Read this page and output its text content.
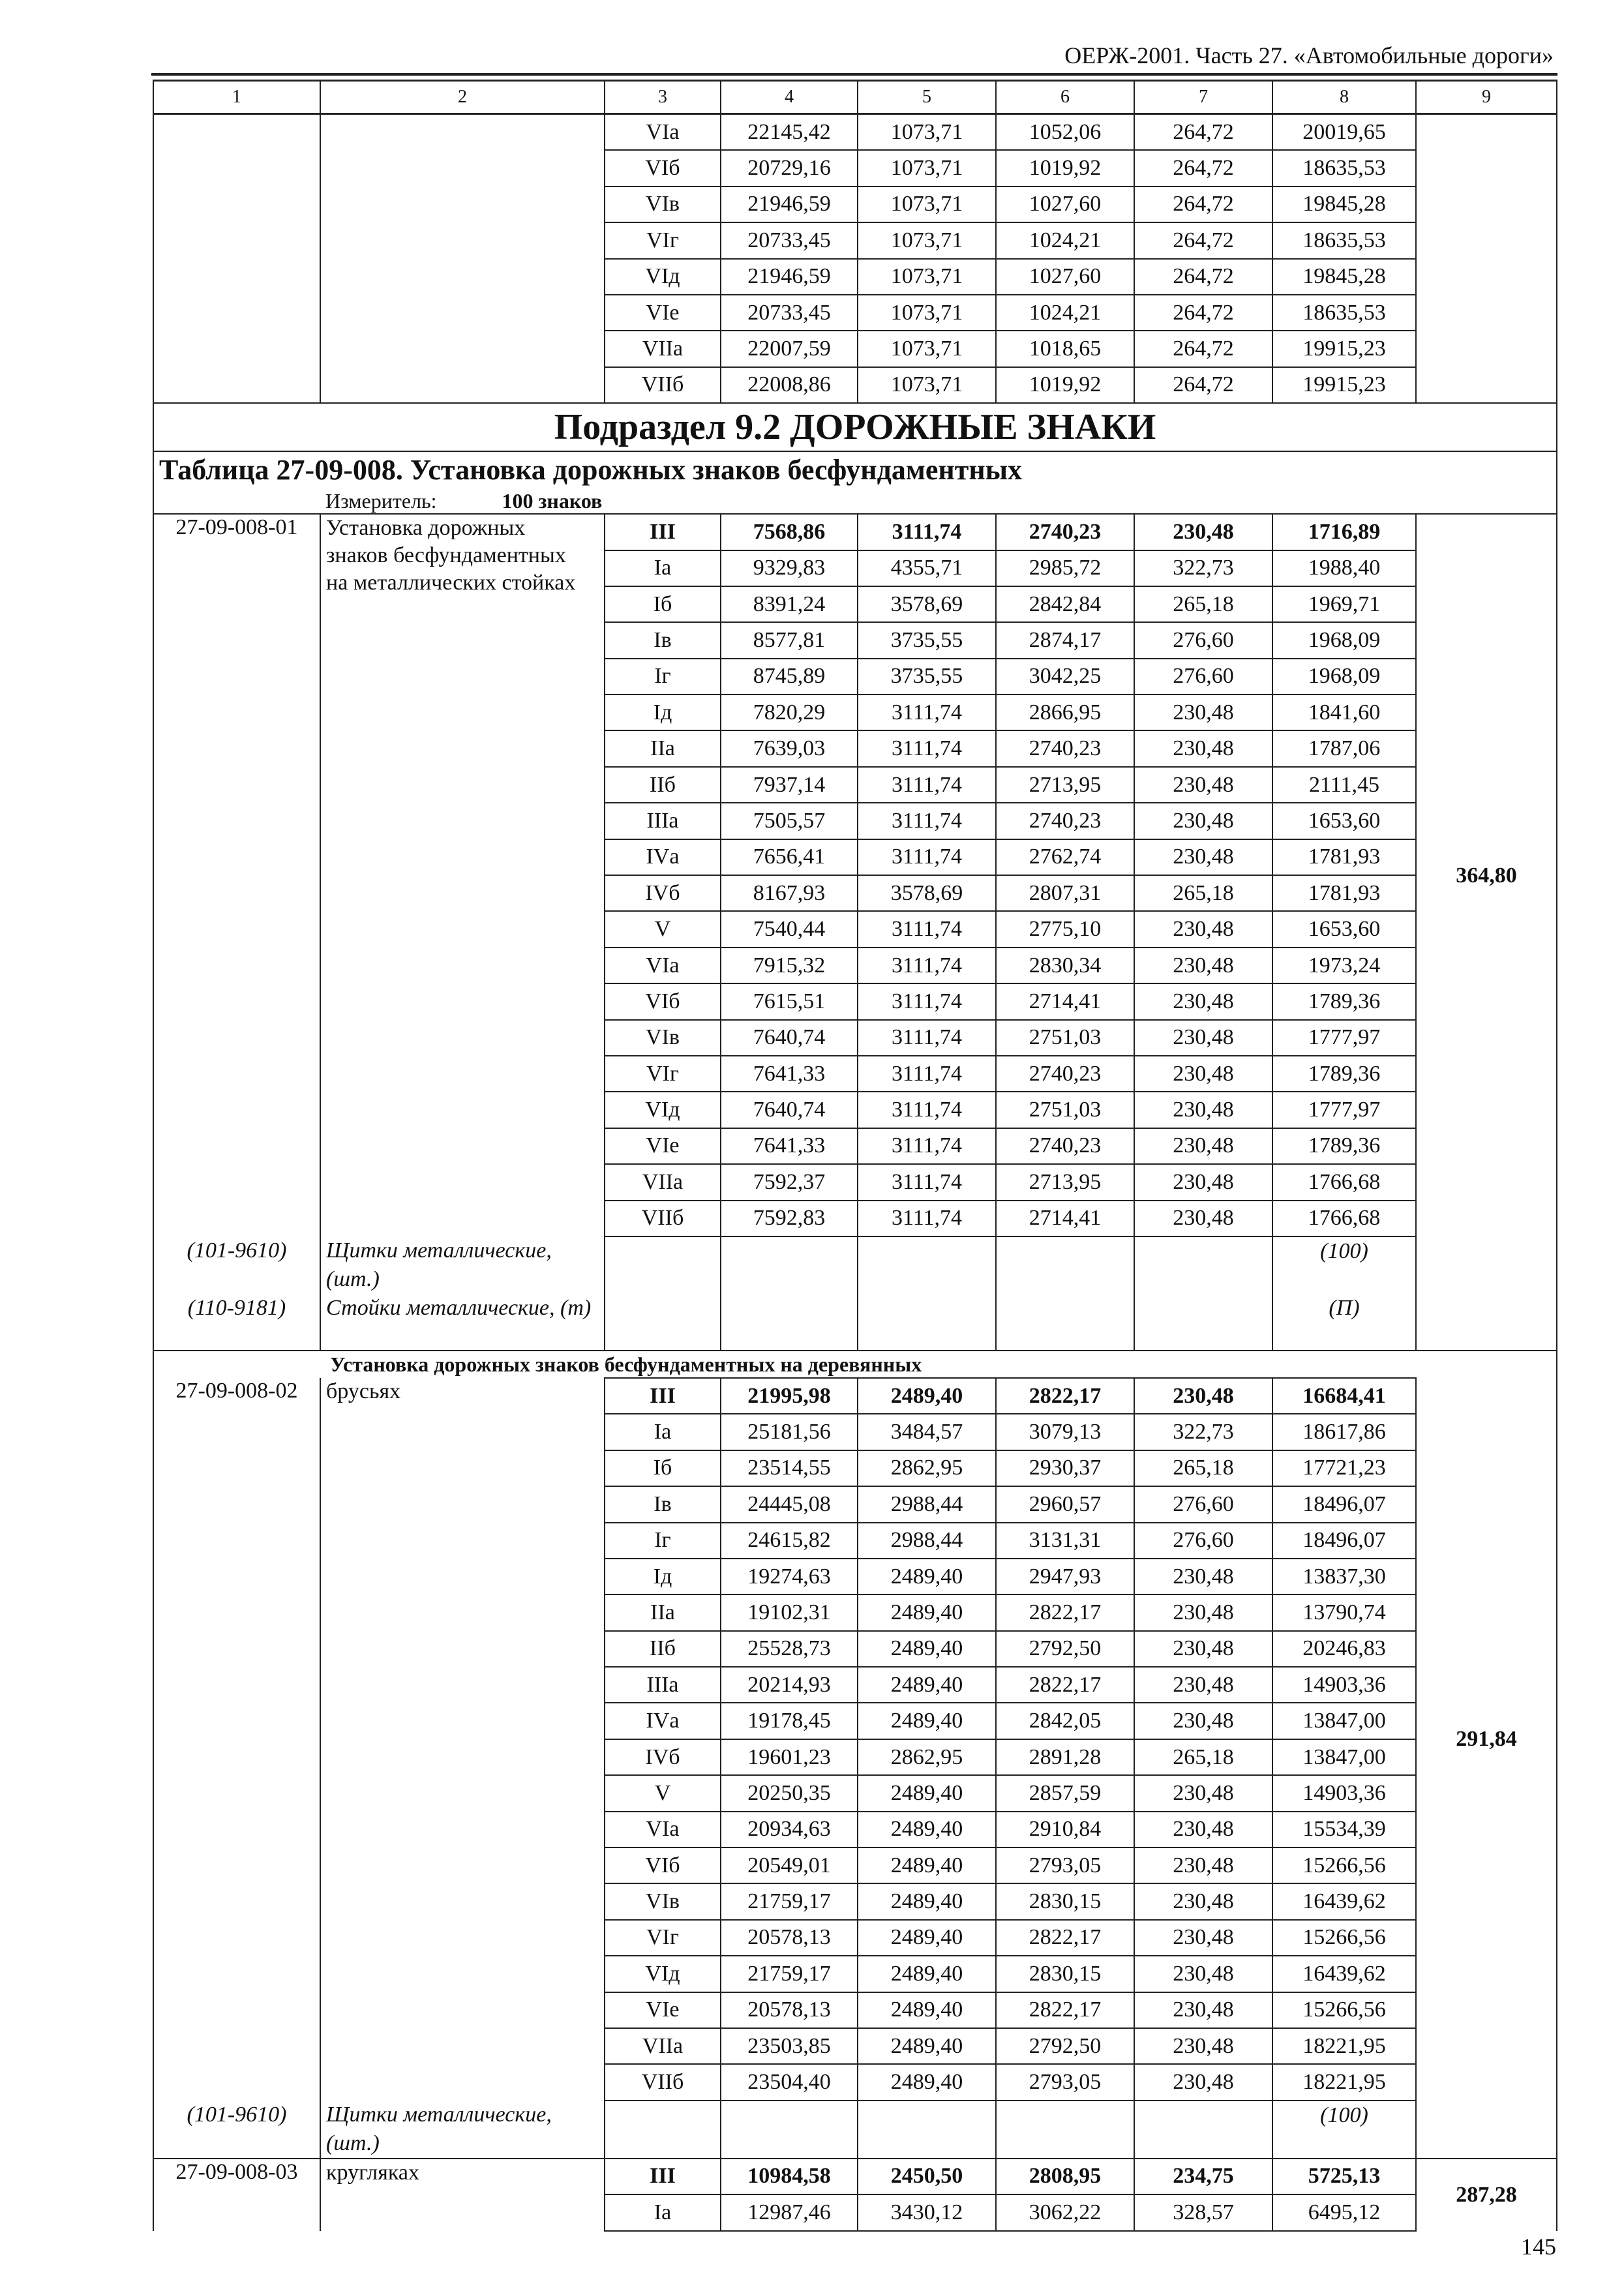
ОЕРЖ-2001. Часть 27. «Автомобильные дороги»
1	2	3	4	5	6	7	8	9
		VIа	22145,42	1073,71	1052,06	264,72	20019,65	
		VIб	20729,16	1073,71	1019,92	264,72	18635,53	
		VIв	21946,59	1073,71	1027,60	264,72	19845,28	
		VIг	20733,45	1073,71	1024,21	264,72	18635,53	
		VIд	21946,59	1073,71	1027,60	264,72	19845,28	
		VIе	20733,45	1073,71	1024,21	264,72	18635,53	
		VIIа	22007,59	1073,71	1018,65	264,72	19915,23	
		VIIб	22008,86	1073,71	1019,92	264,72	19915,23	
Подраздел 9.2 ДОРОЖНЫЕ ЗНАКИ								
Таблица 27-09-008. Установка дорожных знаков бесфундаментных								
	Измеритель: 100 знаков							
27-09-008-01	Установка дорожных
знаков бесфундаментных
на металлических стойках	III	7568,86	3111,74	2740,23	230,48	1716,89	364,80
		Iа	9329,83	4355,71	2985,72	322,73	1988,40	
		Iб	8391,24	3578,69	2842,84	265,18	1969,71	
		Iв	8577,81	3735,55	2874,17	276,60	1968,09	
		Iг	8745,89	3735,55	3042,25	276,60	1968,09	
		Iд	7820,29	3111,74	2866,95	230,48	1841,60	
		IIа	7639,03	3111,74	2740,23	230,48	1787,06	
		IIб	7937,14	3111,74	2713,95	230,48	2111,45	
		IIIа	7505,57	3111,74	2740,23	230,48	1653,60	
		IVа	7656,41	3111,74	2762,74	230,48	1781,93	
		IVб	8167,93	3578,69	2807,31	265,18	1781,93	
		V	7540,44	3111,74	2775,10	230,48	1653,60	
		VIа	7915,32	3111,74	2830,34	230,48	1973,24	
		VIб	7615,51	3111,74	2714,41	230,48	1789,36	
		VIв	7640,74	3111,74	2751,03	230,48	1777,97	
		VIг	7641,33	3111,74	2740,23	230,48	1789,36	
		VIд	7640,74	3111,74	2751,03	230,48	1777,97	
		VIе	7641,33	3111,74	2740,23	230,48	1789,36	
		VIIа	7592,37	3111,74	2713,95	230,48	1766,68	
		VIIб	7592,83	3111,74	2714,41	230,48	1766,68	
(101-9610)	Щитки металлические, (шт.)						(100)	
(110-9181)	Стойки металлические, (т)						(П)	
Установка дорожных знаков бесфундаментных на деревянных								
27-09-008-02	брусьях	III	21995,98	2489,40	2822,17	230,48	16684,41	291,84
		Iа	25181,56	3484,57	3079,13	322,73	18617,86	
		Iб	23514,55	2862,95	2930,37	265,18	17721,23	
		Iв	24445,08	2988,44	2960,57	276,60	18496,07	
		Iг	24615,82	2988,44	3131,31	276,60	18496,07	
		Iд	19274,63	2489,40	2947,93	230,48	13837,30	
		IIа	19102,31	2489,40	2822,17	230,48	13790,74	
		IIб	25528,73	2489,40	2792,50	230,48	20246,83	
		IIIа	20214,93	2489,40	2822,17	230,48	14903,36	
		IVа	19178,45	2489,40	2842,05	230,48	13847,00	
		IVб	19601,23	2862,95	2891,28	265,18	13847,00	
		V	20250,35	2489,40	2857,59	230,48	14903,36	
		VIа	20934,63	2489,40	2910,84	230,48	15534,39	
		VIб	20549,01	2489,40	2793,05	230,48	15266,56	
		VIв	21759,17	2489,40	2830,15	230,48	16439,62	
		VIг	20578,13	2489,40	2822,17	230,48	15266,56	
		VIд	21759,17	2489,40	2830,15	230,48	16439,62	
		VIе	20578,13	2489,40	2822,17	230,48	15266,56	
		VIIа	23503,85	2489,40	2792,50	230,48	18221,95	
		VIIб	23504,40	2489,40	2793,05	230,48	18221,95	
(101-9610)	Щитки металлические, (шт.)						(100)	
27-09-008-03	кругляках	III	10984,58	2450,50	2808,95	234,75	5725,13	287,28
		Iа	12987,46	3430,12	3062,22	328,57	6495,12	
145
